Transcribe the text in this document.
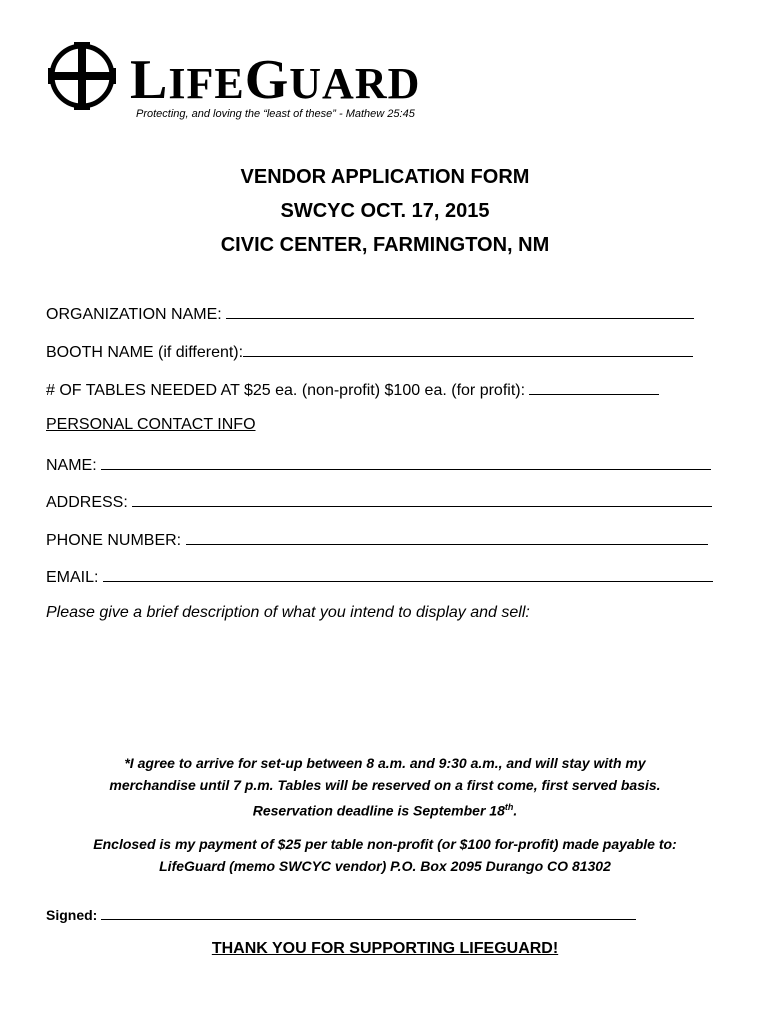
LIFEGUARD
Protecting, and loving the “least of these” - Mathew 25:45
VENDOR APPLICATION FORM
SWCYC OCT. 17, 2015
CIVIC CENTER, FARMINGTON, NM
ORGANIZATION NAME:
BOOTH NAME (if different):
# OF TABLES NEEDED AT $25 ea. (non-profit) $100 ea. (for profit):
PERSONAL CONTACT INFO
NAME:
ADDRESS:
PHONE NUMBER:
EMAIL:
Please give a brief description of what you intend to display and sell:
*I agree to arrive for set-up between 8 a.m. and 9:30 a.m., and will stay with my
merchandise until 7 p.m. Tables will be reserved on a first come, first served basis.
Reservation deadline is September 18th.
Enclosed is my payment of $25 per table non-profit (or $100 for-profit) made payable to:
LifeGuard (memo SWCYC vendor) P.O. Box 2095 Durango CO 81302
Signed:
THANK YOU FOR SUPPORTING LIFEGUARD!
